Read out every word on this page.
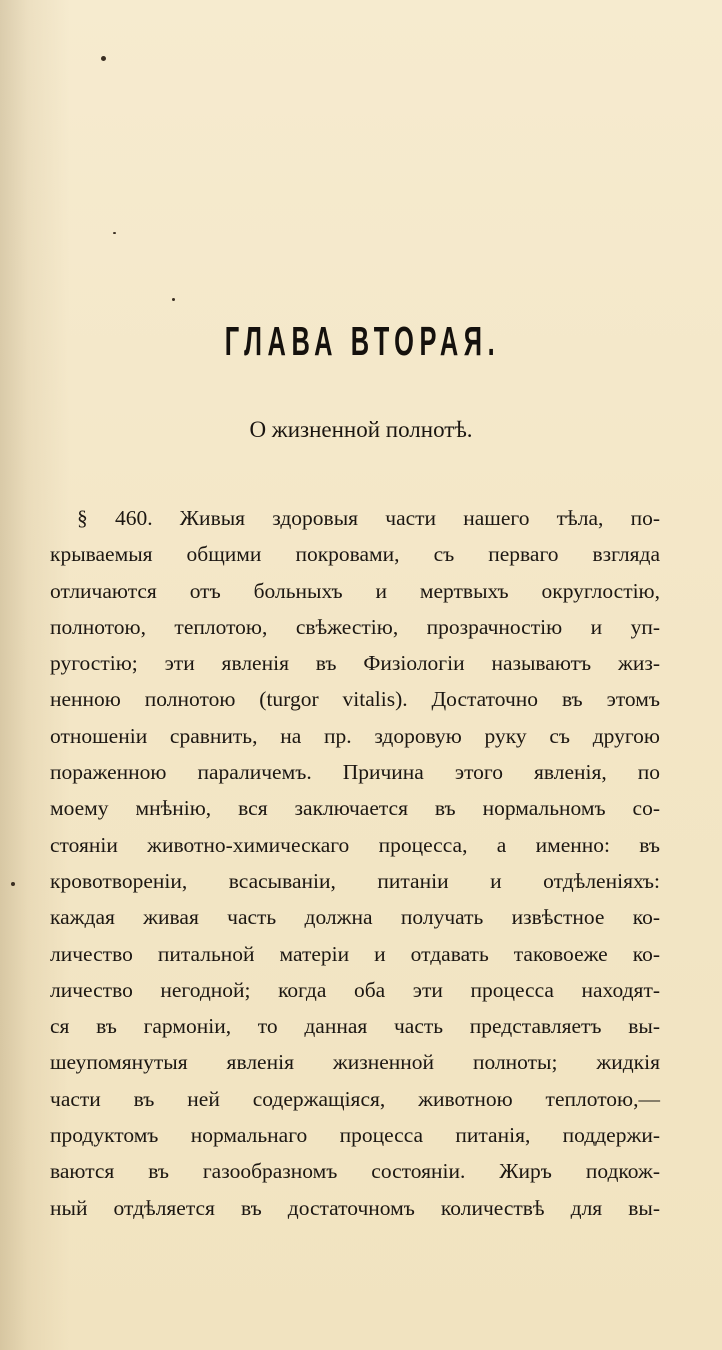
ГЛАВА ВТОРАЯ.
О жизненной полнотѣ.
§ 460. Живыя здоровыя части нашего тѣла, по-
крываемыя общими покровами, съ перваго взгляда
отличаются отъ больныхъ и мертвыхъ округлостію,
полнотою, теплотою, свѣжестію, прозрачностію и уп-
ругостію; эти явленія въ Физіологіи называютъ жиз-
ненною полнотою (turgor vitalis). Достаточно въ этомъ
отношеніи сравнить, на пр. здоровую руку съ другою
пораженною параличемъ. Причина этого явленія, по
моему мнѣнію, вся заключается въ нормальномъ со-
стояніи животно-химическаго процесса, а именно: въ
кровотвореніи, всасываніи, питаніи и отдѣленіяхъ:
каждая живая часть должна получать извѣстное ко-
личество питальной матеріи и отдавать таковоеже ко-
личество негодной; когда оба эти процесса находят-
ся въ гармоніи, то данная часть представляетъ вы-
шеупомянутыя явленія жизненной полноты; жидкія
части въ ней содержащіяся, животною теплотою,—
продуктомъ нормальнаго процесса питанія, поддержи-
ваются въ газообразномъ состояніи. Жиръ подкож-
ный отдѣляется въ достаточномъ количествѣ для вы-
